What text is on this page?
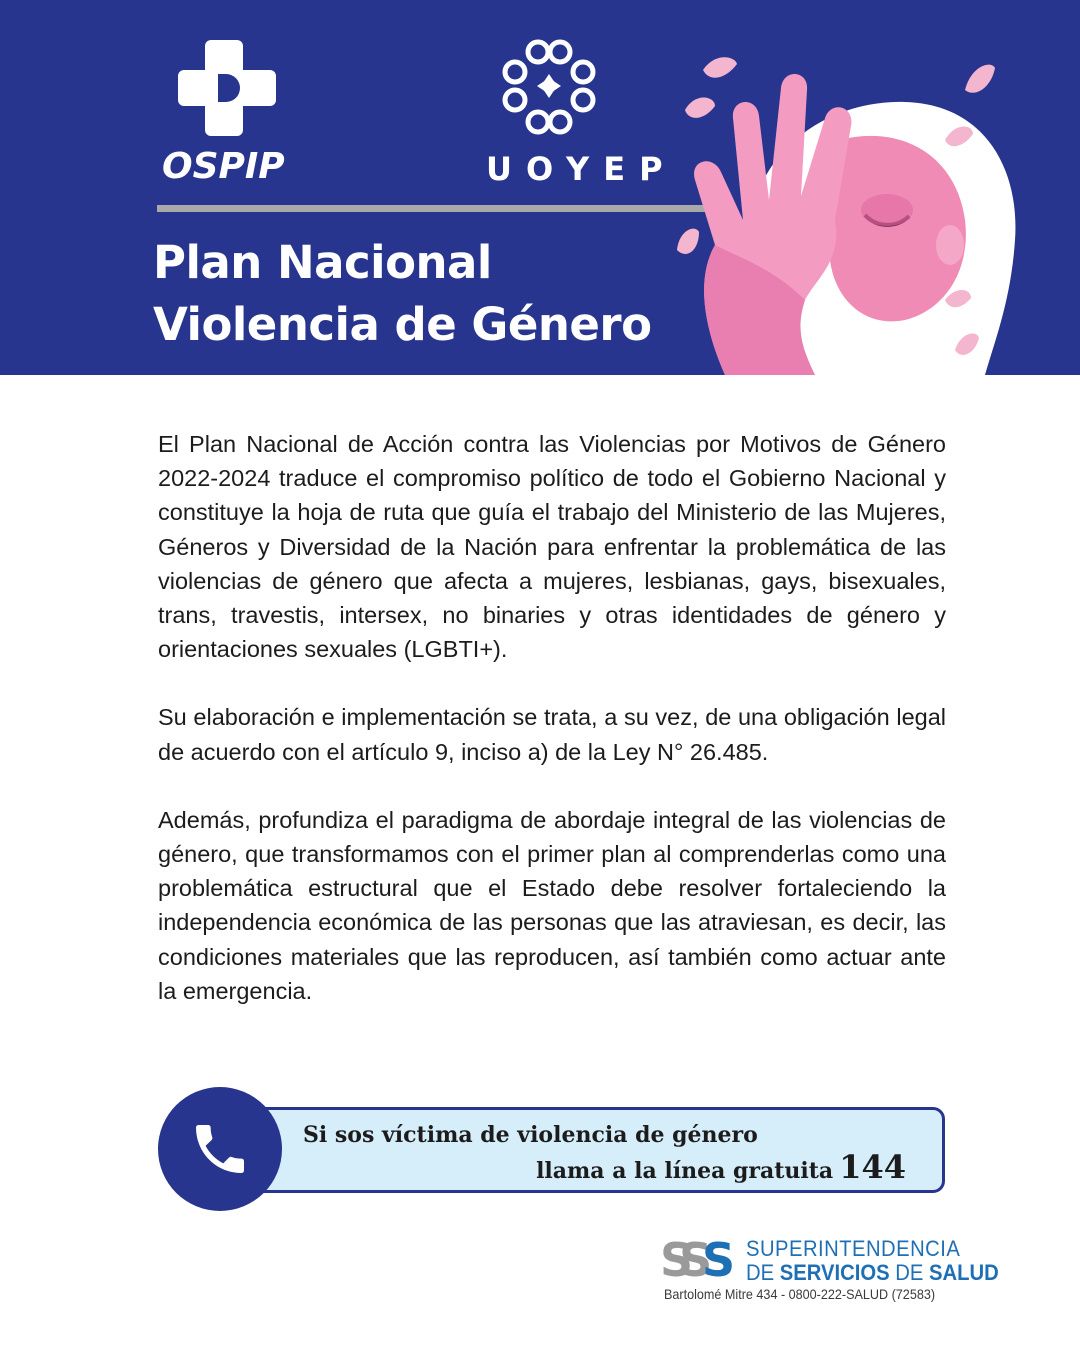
OSPIP	UOYEP
Plan Nacional
Violencia de Género

El Plan Nacional de Acción contra las Violencias por Motivos de Género 2022-2024 traduce el compromiso político de todo el Gobierno Nacional y constituye la hoja de ruta que guía el trabajo del Ministerio de las Mujeres, Géneros y Diversidad de la Nación para enfrentar la problemática de las violencias de género que afecta a mujeres, lesbianas, gays, bisexuales, trans, travestis, intersex, no binaries y otras identidades de género y orientaciones sexuales (LGBTI+).

Su elaboración e implementación se trata, a su vez, de una obligación legal de acuerdo con el artículo 9, inciso a) de la Ley N° 26.485.

Además, profundiza el paradigma de abordaje integral de las violencias de género, que transformamos con el primer plan al comprenderlas como una problemática estructural que el Estado debe resolver fortaleciendo la independencia económica de las personas que las atraviesan, es decir, las condiciones materiales que las reproducen, así también como actuar ante la emergencia.

Si sos víctima de violencia de género
llama a la línea gratuita 144
SS S SUPERINTENDENCIA
DE SERVICIOS DE SALUD
Bartolomé Mitre 434 - 0800-222-SALUD (72583)
